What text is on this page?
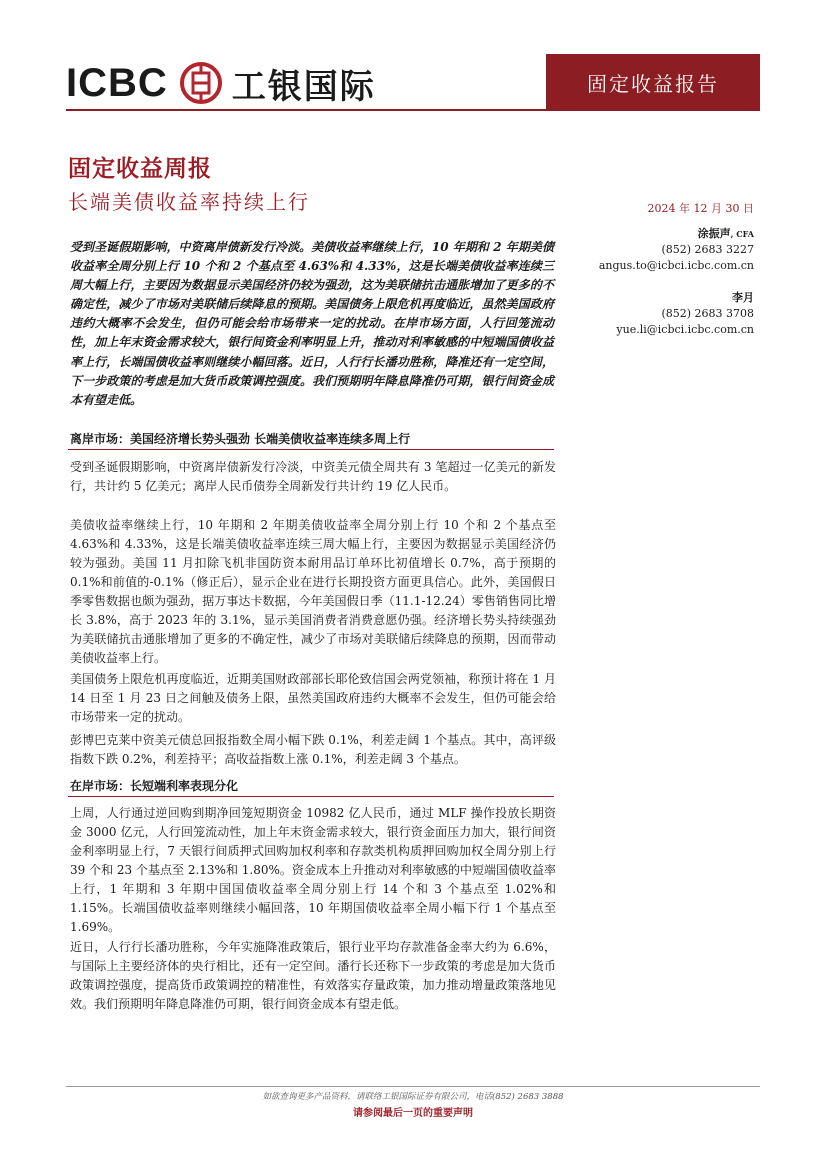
ICBC 工银国际	固定收益报告
固定收益周报
长端美债收益率持续上行	2024 年 12 月 30 日
涂振声, CFA
(852) 2683 3227
angus.to@icbci.icbc.com.cn
李月
(852) 2683 3708
yue.li@icbci.icbc.com.cn
受到圣诞假期影响，中资离岸债新发行冷淡。美债收益率继续上行，10 年期和 2 年期美债收益率全周分别上行 10 个和 2 个基点至 4.63%和 4.33%，这是长端美债收益率连续三周大幅上行，主要因为数据显示美国经济仍较为强劲，这为美联储抗击通胀增加了更多的不确定性，减少了市场对美联储后续降息的预期。美国债务上限危机再度临近，虽然美国政府违约大概率不会发生，但仍可能会给市场带来一定的扰动。在岸市场方面，人行回笼流动性，加上年末资金需求较大，银行间资金利率明显上升，推动对利率敏感的中短端国债收益率上行，长端国债收益率则继续小幅回落。近日，人行行长潘功胜称，降准还有一定空间，下一步政策的考虑是加大货币政策调控强度。我们预期明年降息降准仍可期，银行间资金成本有望走低。
离岸市场：美国经济增长势头强劲 长端美债收益率连续多周上行
受到圣诞假期影响，中资离岸债新发行冷淡，中资美元债全周共有 3 笔超过一亿美元的新发行，共计约 5 亿美元；离岸人民币债券全周新发行共计约 19 亿人民币。
美债收益率继续上行，10 年期和 2 年期美债收益率全周分别上行 10 个和 2 个基点至 4.63%和 4.33%，这是长端美债收益率连续三周大幅上行，主要因为数据显示美国经济仍较为强劲。美国 11 月扣除飞机非国防资本耐用品订单环比初值增长 0.7%，高于预期的 0.1%和前值的-0.1%（修正后），显示企业在进行长期投资方面更具信心。此外，美国假日季零售数据也颇为强劲，据万事达卡数据，今年美国假日季（11.1-12.24）零售销售同比增长 3.8%，高于 2023 年的 3.1%，显示美国消费者消费意愿仍强。经济增长势头持续强劲为美联储抗击通胀增加了更多的不确定性，减少了市场对美联储后续降息的预期，因而带动美债收益率上行。
美国债务上限危机再度临近，近期美国财政部部长耶伦致信国会两党领袖，称预计将在 1 月 14 日至 1 月 23 日之间触及债务上限，虽然美国政府违约大概率不会发生，但仍可能会给市场带来一定的扰动。
彭博巴克莱中资美元债总回报指数全周小幅下跌 0.1%，利差走阔 1 个基点。其中，高评级指数下跌 0.2%，利差持平；高收益指数上涨 0.1%，利差走阔 3 个基点。
在岸市场：长短端利率表现分化
上周，人行通过逆回购到期净回笼短期资金 10982 亿人民币，通过 MLF 操作投放长期资金 3000 亿元，人行回笼流动性，加上年末资金需求较大，银行资金面压力加大，银行间资金利率明显上行，7 天银行间质押式回购加权利率和存款类机构质押回购加权全周分别上行 39 个和 23 个基点至 2.13%和 1.80%。资金成本上升推动对利率敏感的中短端国债收益率上行，1 年期和 3 年期中国国债收益率全周分别上行 14 个和 3 个基点至 1.02%和 1.15%。长端国债收益率则继续小幅回落，10 年期国债收益率全周小幅下行 1 个基点至 1.69%。
近日，人行行长潘功胜称，今年实施降准政策后，银行业平均存款准备金率大约为 6.6%，与国际上主要经济体的央行相比，还有一定空间。潘行长还称下一步政策的考虑是加大货币政策调控强度，提高货币政策调控的精准性，有效落实存量政策，加力推动增量政策落地见效。我们预期明年降息降准仍可期，银行间资金成本有望走低。
如欲查询更多产品资料，请联络工银国际证券有限公司，电话(852) 2683 3888
请参阅最后一页的重要声明
